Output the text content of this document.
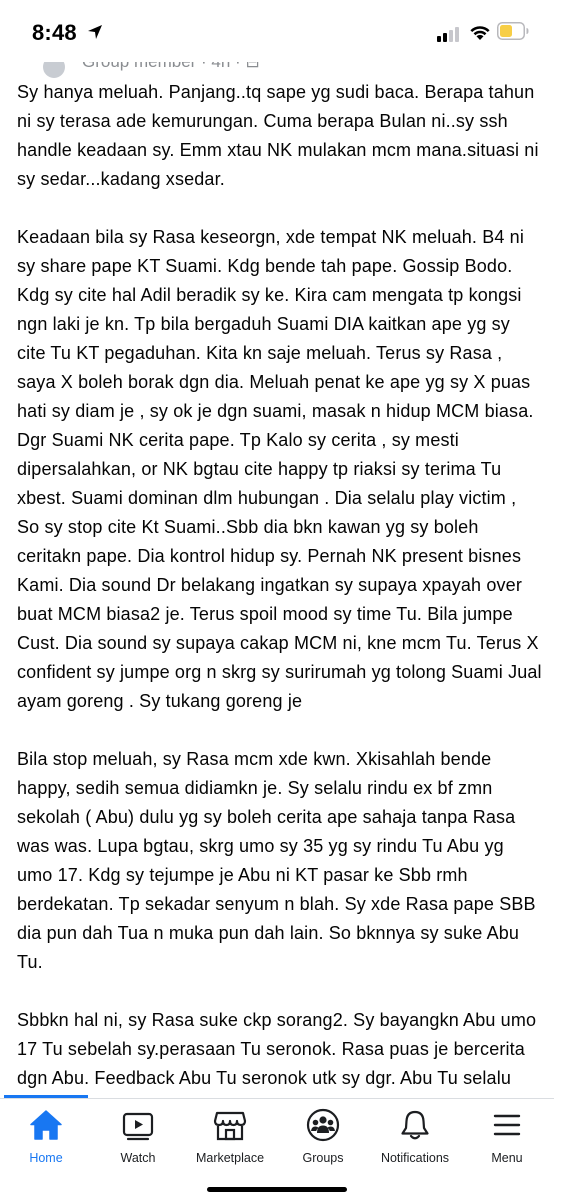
8:48

Sy hanya meluah. Panjang..tq sape yg sudi baca. Berapa tahun ni sy terasa ade kemurungan. Cuma berapa Bulan ni..sy ssh handle keadaan sy. Emm xtau NK mulakan mcm mana.situasi ni sy sedar...kadang xsedar.

Keadaan bila sy Rasa keseorgn, xde tempat NK meluah. B4 ni sy share pape KT Suami. Kdg bende tah pape. Gossip Bodo. Kdg sy cite hal Adil beradik sy ke. Kira cam mengata tp kongsi ngn laki je kn. Tp bila bergaduh Suami DIA kaitkan ape yg sy cite Tu KT pegaduhan. Kita kn saje meluah. Terus sy Rasa , saya X boleh borak dgn dia. Meluah penat ke ape yg sy X puas hati sy diam je , sy ok je dgn suami, masak n hidup MCM biasa. Dgr Suami NK cerita pape. Tp Kalo sy cerita , sy mesti dipersalahkan, or NK bgtau cite happy tp riaksi sy terima Tu xbest. Suami dominan dlm hubungan . Dia selalu play victim , So sy stop cite Kt Suami..Sbb dia bkn kawan yg sy boleh ceritakn pape. Dia kontrol hidup sy. Pernah NK present bisnes Kami. Dia sound Dr belakang ingatkan sy supaya xpayah over buat MCM biasa2 je. Terus spoil mood sy time Tu. Bila jumpe Cust. Dia sound sy supaya cakap MCM ni, kne mcm Tu. Terus X confident sy jumpe org n skrg sy surirumah yg tolong Suami Jual ayam goreng . Sy tukang goreng je

Bila stop meluah, sy Rasa mcm xde kwn. Xkisahlah bende happy, sedih semua didiamkn je. Sy selalu rindu ex bf zmn sekolah ( Abu) dulu yg sy boleh cerita ape sahaja tanpa Rasa was was. Lupa bgtau, skrg umo sy 35 yg sy rindu Tu Abu yg umo 17. Kdg sy tejumpe je Abu ni KT pasar ke Sbb rmh berdekatan. Tp sekadar senyum n blah. Sy xde Rasa pape SBB dia pun dah Tua n muka pun dah lain. So bknnya sy suke Abu Tu.

Sbbkn hal ni, sy Rasa suke ckp sorang2. Sy bayangkn Abu umo 17 Tu sebelah sy.perasaan Tu seronok. Rasa puas je bercerita dgn Abu. Feedback Abu Tu seronok utk sy dgr. Abu Tu selalu

Home	Watch	Marketplace	Groups	Notifications	Menu
